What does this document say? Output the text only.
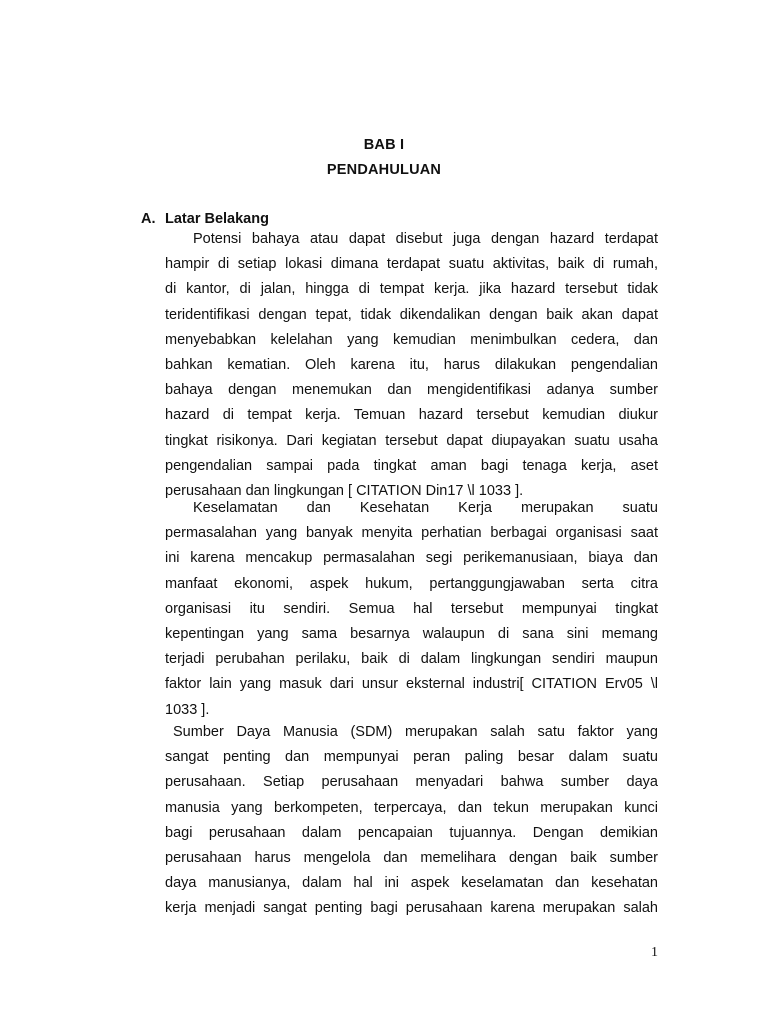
BAB I
PENDAHULUAN
A. Latar Belakang
Potensi bahaya atau dapat disebut juga dengan hazard terdapat
hampir di setiap lokasi dimana terdapat suatu aktivitas, baik di rumah,
di kantor, di jalan, hingga di tempat kerja. jika hazard tersebut tidak
teridentifikasi dengan tepat, tidak dikendalikan dengan baik akan dapat
menyebabkan kelelahan yang kemudian menimbulkan cedera, dan
bahkan kematian. Oleh karena itu, harus dilakukan pengendalian
bahaya dengan menemukan dan mengidentifikasi adanya sumber
hazard di tempat kerja. Temuan hazard tersebut kemudian diukur
tingkat risikonya. Dari kegiatan tersebut dapat diupayakan suatu usaha
pengendalian sampai pada tingkat aman bagi tenaga kerja, aset
perusahaan dan lingkungan [ CITATION Din17 \l 1033 ].
Keselamatan dan Kesehatan Kerja merupakan suatu
permasalahan yang banyak menyita perhatian berbagai organisasi saat
ini karena mencakup permasalahan segi perikemanusiaan, biaya dan
manfaat ekonomi, aspek hukum, pertanggungjawaban serta citra
organisasi itu sendiri. Semua hal tersebut mempunyai tingkat
kepentingan yang sama besarnya walaupun di sana sini memang
terjadi perubahan perilaku, baik di dalam lingkungan sendiri maupun
faktor lain yang masuk dari unsur eksternal industri[ CITATION Erv05 \l
1033 ].
Sumber Daya Manusia (SDM) merupakan salah satu faktor yang
sangat penting dan mempunyai peran paling besar dalam suatu
perusahaan. Setiap perusahaan menyadari bahwa sumber daya
manusia yang berkompeten, terpercaya, dan tekun merupakan kunci
bagi perusahaan dalam pencapaian tujuannya. Dengan demikian
perusahaan harus mengelola dan memelihara dengan baik sumber
daya manusianya, dalam hal ini aspek keselamatan dan kesehatan
kerja menjadi sangat penting bagi perusahaan karena merupakan salah
1
